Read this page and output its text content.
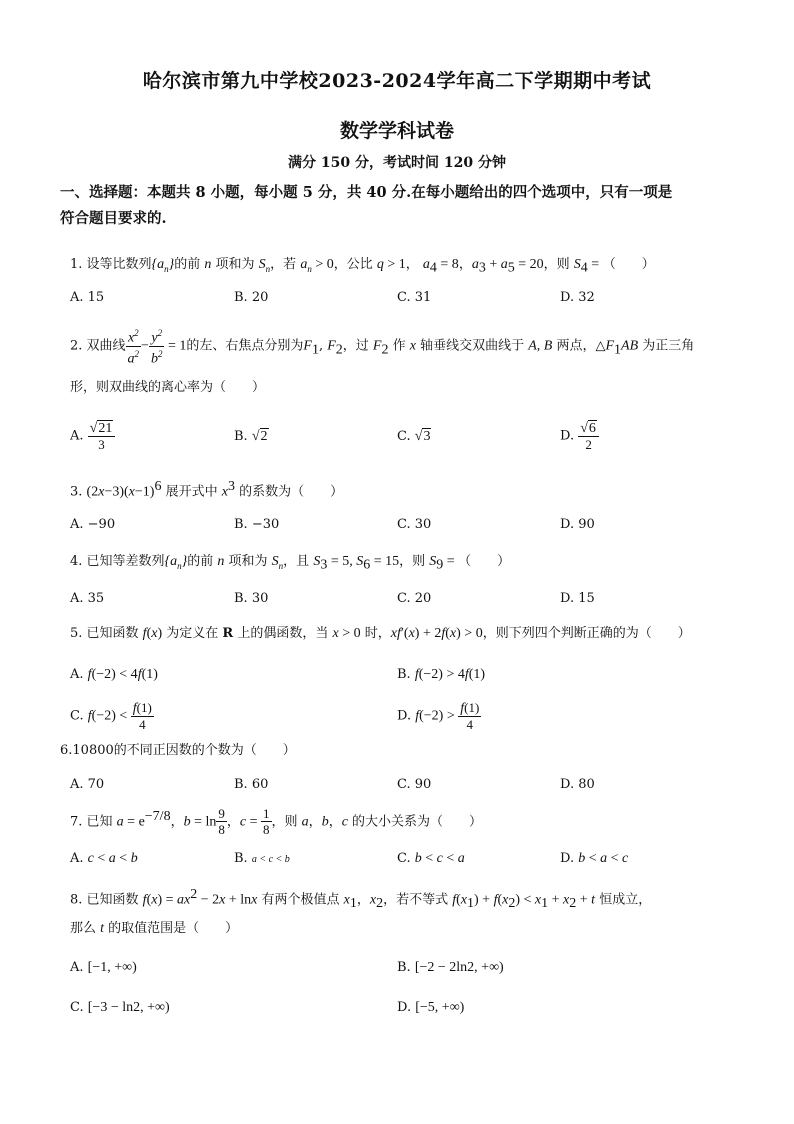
哈尔滨市第九中学校2023-2024学年高二下学期期中考试
数学学科试卷
满分 150 分，考试时间 120 分钟
一、选择题：本题共 8 小题，每小题 5 分，共 40 分.在每小题给出的四个选项中，只有一项是
符合题目要求的.
1. 设等比数列$\{a_n\}$的前 n 项和为 $S_n$，若 $a_n > 0$，公比 q > 1， $a_4 = 8$，$a_3 + a_5 = 20$，则 $S_4$ = （　　）
A. 15	B. 20	C. 31	D. 32
2. 双曲线 $\frac{x^2}{a^2} - \frac{y^2}{b^2} = 1$的左、右焦点分别为$F_1$, $F_2$，过 $F_2$ 作 x 轴垂线交双曲线于 A, B 两点，$\triangle F_1AB$ 为正三角
形，则双曲线的离心率为（　　）
A. $\frac{√21}{3}$	B. √2	C. √3	D. $\frac{√6}{2}$
3. $(2x-3)(x-1)^6$ 展开式中 $x^3$ 的系数为（　　）
A. −90	B. −30	C. 30	D. 90
4. 已知等差数列$\{a_n\}$的前 n 项和为 $S_n$，且 $S_3 = 5$, $S_6 = 15$，则 $S_9$ = （　　）
A. 35	B. 30	C. 20	D. 15
5. 已知函数 f(x) 为定义在 R 上的偶函数，当 x > 0 时，xf′(x) + 2f(x) > 0，则下列四个判断正确的为（　　）
A. f(−2) < 4f(1)	B. f(−2) > 4f(1)
C. $f(-2) < \frac{f(1)}{4}$	D. $f(-2) > \frac{f(1)}{4}$
6.10800的不同正因数的个数为（　　）
A. 70	B. 60	C. 90	D. 80
7. 已知 $a = e^{-7/8}$，$b = \ln \frac{9}{8}$ ，$c = \frac{1}{8}$ ，则 a，b，c 的大小关系为（　　）
A. c < a < b	B. a < c < b	C. b < c < a	D. b < a < c
8. 已知函数 $f(x) = ax^2 - 2x + \ln x$ 有两个极值点 $x_1$，$x_2$，若不等式 $f(x_1) + f(x_2) < x_1 + x_2 + t$ 恒成立，
那么 t 的取值范围是（　　）
A. [−1, +∞)	B. [−2 − 2ln2, +∞)
C. [−3 − ln2, +∞)	D. [−5, +∞)
